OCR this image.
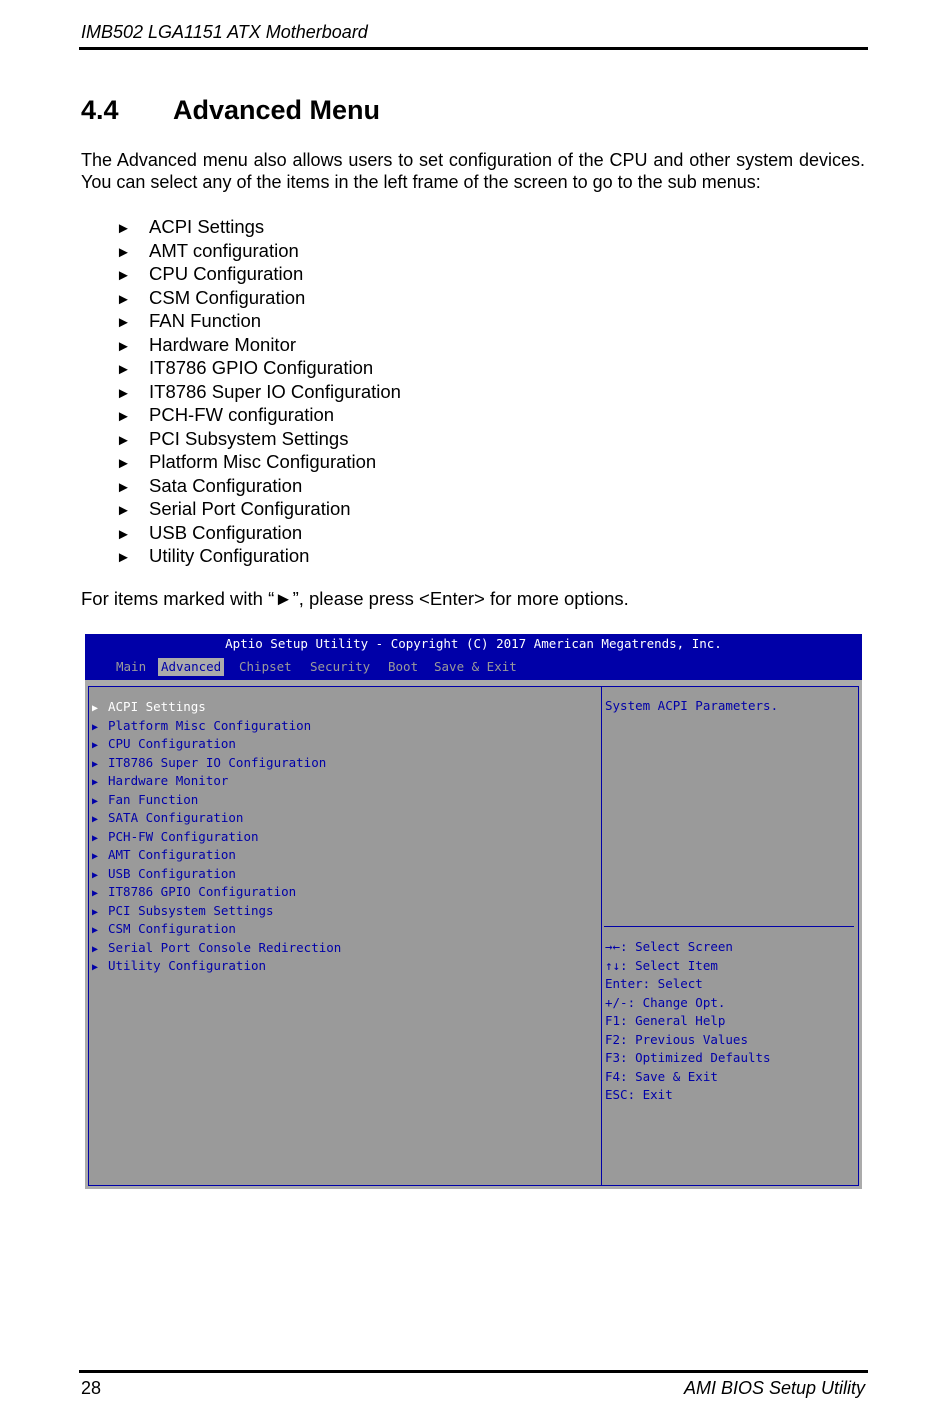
IMB502 LGA1151 ATX Motherboard
4.4 Advanced Menu
The Advanced menu also allows users to set configuration of the CPU and other system devices. You can select any of the items in the left frame of the screen to go to the sub menus:
► ACPI Settings
► AMT configuration
► CPU Configuration
► CSM Configuration
► FAN Function
► Hardware Monitor
► IT8786 GPIO Configuration
► IT8786 Super IO Configuration
► PCH-FW configuration
► PCI Subsystem Settings
► Platform Misc Configuration
► Sata Configuration
► Serial Port Configuration
► USB Configuration
► Utility Configuration
For items marked with “►”, please press <Enter> for more options.
Aptio Setup Utility - Copyright (C) 2017 American Megatrends, Inc.
Main Advanced Chipset Security Boot Save & Exit
▶ ACPI Settings
▶ Platform Misc Configuration
▶ CPU Configuration
▶ IT8786 Super IO Configuration
▶ Hardware Monitor
▶ Fan Function
▶ SATA Configuration
▶ PCH-FW Configuration
▶ AMT Configuration
▶ USB Configuration
▶ IT8786 GPIO Configuration
▶ PCI Subsystem Settings
▶ CSM Configuration
▶ Serial Port Console Redirection
▶ Utility Configuration
System ACPI Parameters.
→←: Select Screen
↑↓: Select Item
Enter: Select
+/-: Change Opt.
F1: General Help
F2: Previous Values
F3: Optimized Defaults
F4: Save & Exit
ESC: Exit
28	AMI BIOS Setup Utility
